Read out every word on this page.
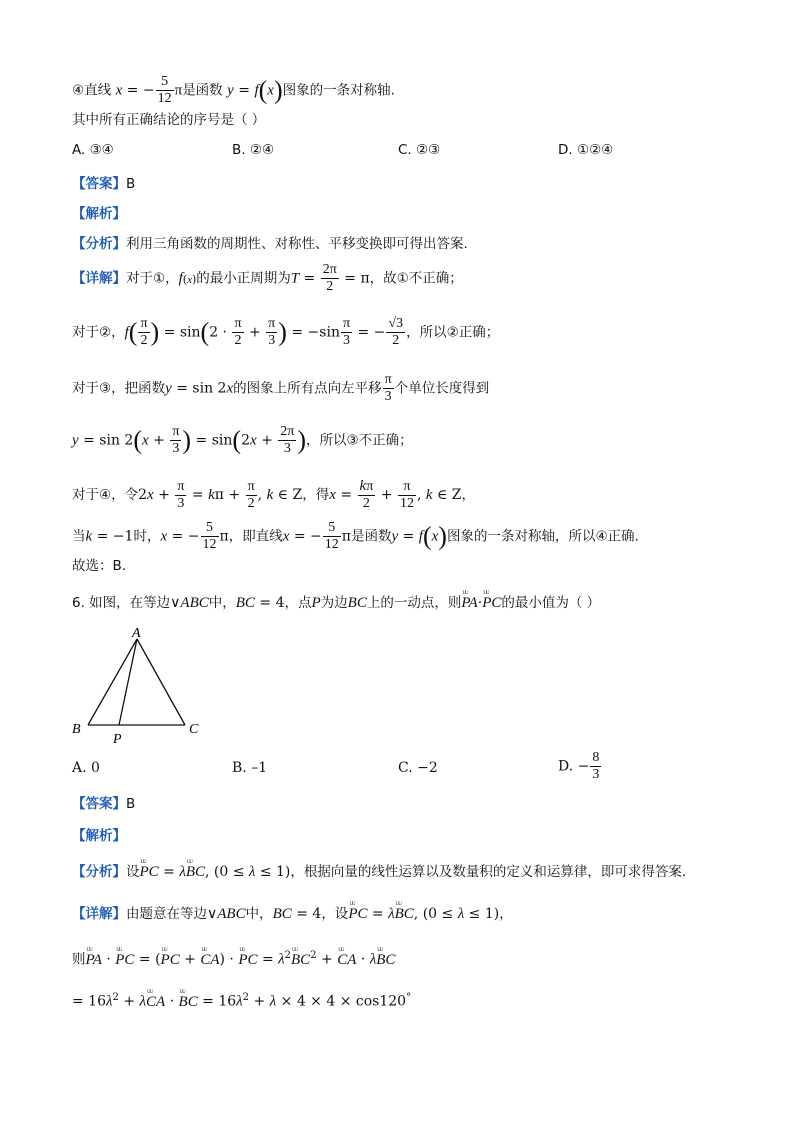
④直线 x = − $\frac{5}{12}$ π是函数 y = f(x)图象的一条对称轴.
其中所有正确结论的序号是（ ）
A. ③④	B. ②④	C. ②③	D. ①②④
【答案】B
【解析】
【分析】利用三角函数的周期性、对称性、平移变换即可得出答案.
【详解】对于①，f(x)的最小正周期为$T = \frac{2\pi}{2} = \pi$，故①不正确；
对于②，$f( \frac{\pi}{2}$ ) = $\sin(2 \cdot \frac{\pi}{2} + \frac{\pi}{3}$ ) = $-\sin \frac{\pi}{3}$ = − $\frac{√3}{2}$ ，所以②正确；
对于③，把函数y = sin 2x的图象上所有点向左平移 $\frac{\pi}{3}$ 个单位长度得到
$y = \sin 2(x + \frac{\pi}{3}$ ) = $\sin(2x + \frac{2\pi}{3}$ )，所以③不正确；
对于④，令$2x + \frac{\pi}{3} = k\pi + \frac{\pi}{2}$ , k ∈ Z，得$x = \frac{k\pi}{2} + \frac{\pi}{12}$ , k ∈ Z，
当k = −1时，x = − $\frac{5}{12}$ π，即直线x = − $\frac{5}{12}$ π是函数y = f(x)图象的一条对称轴，所以④正确.
故选：B.
6. 如图，在等边∨ABC中，BC = 4，点P为边BC上的一动点，则ᵁᵁ PA·ᵁᵁ PC的最小值为（ ）
A
B	C
P
A. 0	B. –1	C. −2	D. − $\frac{8}{3}$
【答案】B
【解析】
【分析】设ᵁᵁ PC = λᵁᵁ BC, (0 ≤ λ ≤ 1)，根据向量的线性运算以及数量积的定义和运算律，即可求得答案.
【详解】由题意在等边∨ABC中，BC = 4，设ᵁᵁ PC = λᵁᵁ BC, (0 ≤ λ ≤ 1)，
则ᵁᵁ PA · ᵁᵁ PC = (ᵁᵁ PC + ᵁᵁ CA) · ᵁᵁ PC = $\lambda^2ᵁᵁ$ $BC^2$ + ᵁᵁ CA · λᵁᵁ BC
= $16\lambda^2$ + λᵁᵁ CA · ᵁᵁ BC = $16\lambda^2 + \lambda \times 4 \times 4 \times \cos 120^\circ$
